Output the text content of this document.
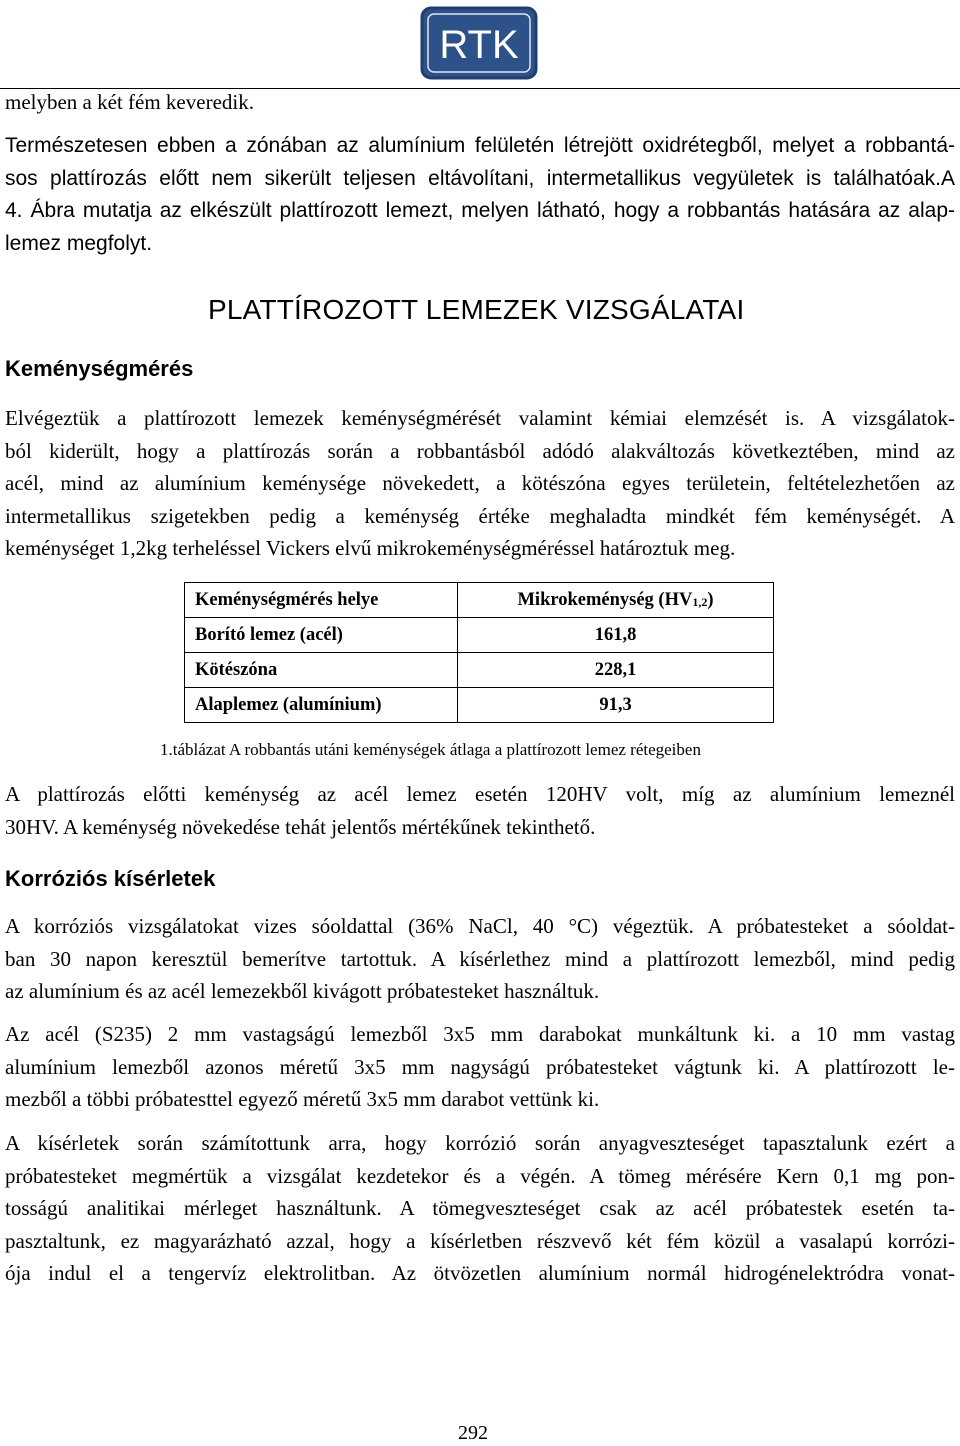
RTK
melyben a két fém keveredik.
Természetesen ebben a zónában az alumínium felületén létrejött oxidrétegből, melyet a robbantá-
sos plattírozás előtt nem sikerült teljesen eltávolítani, intermetallikus vegyületek is találhatóak.A
4. Ábra mutatja az elkészült plattírozott lemezt, melyen látható, hogy a robbantás hatására az alap-
lemez megfolyt.
PLATTÍROZOTT LEMEZEK VIZSGÁLATAI
Keménységmérés
Elvégeztük a plattírozott lemezek keménységmérését valamint kémiai elemzését is. A vizsgálatok-
ból kiderült, hogy a plattírozás során a robbantásból adódó alakváltozás következtében, mind az
acél, mind az alumínium keménysége növekedett, a kötészóna egyes területein, feltételezhetően az
intermetallikus szigetekben pedig a keménység értéke meghaladta mindkét fém keménységét. A
keménységet 1,2kg terheléssel Vickers elvű mikrokeménységméréssel határoztuk meg.
Keménységmérés helye	Mikrokeménység $(HV_{1,2})$
Borító lemez (acél)	161,8
Kötészóna	228,1
Alaplemez (alumínium)	91,3
1.táblázat A robbantás utáni keménységek átlaga a plattírozott lemez rétegeiben
A plattírozás előtti keménység az acél lemez esetén 120HV volt, míg az alumínium lemeznél
30HV. A keménység növekedése tehát jelentős mértékűnek tekinthető.
Korróziós kísérletek
A korróziós vizsgálatokat vizes sóoldattal (36% NaCl, 40 °C) végeztük. A próbatesteket a sóoldat-
ban 30 napon keresztül bemerítve tartottuk. A kísérlethez mind a plattírozott lemezből, mind pedig
az alumínium és az acél lemezekből kivágott próbatesteket használtuk.
Az acél (S235) 2 mm vastagságú lemezből 3x5 mm darabokat munkáltunk ki. a 10 mm vastag
alumínium lemezből azonos méretű 3x5 mm nagyságú próbatesteket vágtunk ki. A plattírozott le-
mezből a többi próbatesttel egyező méretű 3x5 mm darabot vettünk ki.
A kísérletek során számítottunk arra, hogy korrózió során anyagveszteséget tapasztalunk ezért a
próbatesteket megmértük a vizsgálat kezdetekor és a végén. A tömeg mérésére Kern 0,1 mg pon-
tosságú analitikai mérleget használtunk. A tömegveszteséget csak az acél próbatestek esetén ta-
pasztaltunk, ez magyarázható azzal, hogy a kísérletben részvevő két fém közül a vasalapú korrózi-
ója indul el a tengervíz elektrolitban. Az ötvözetlen alumínium normál hidrogénelektródra vonat-
292
